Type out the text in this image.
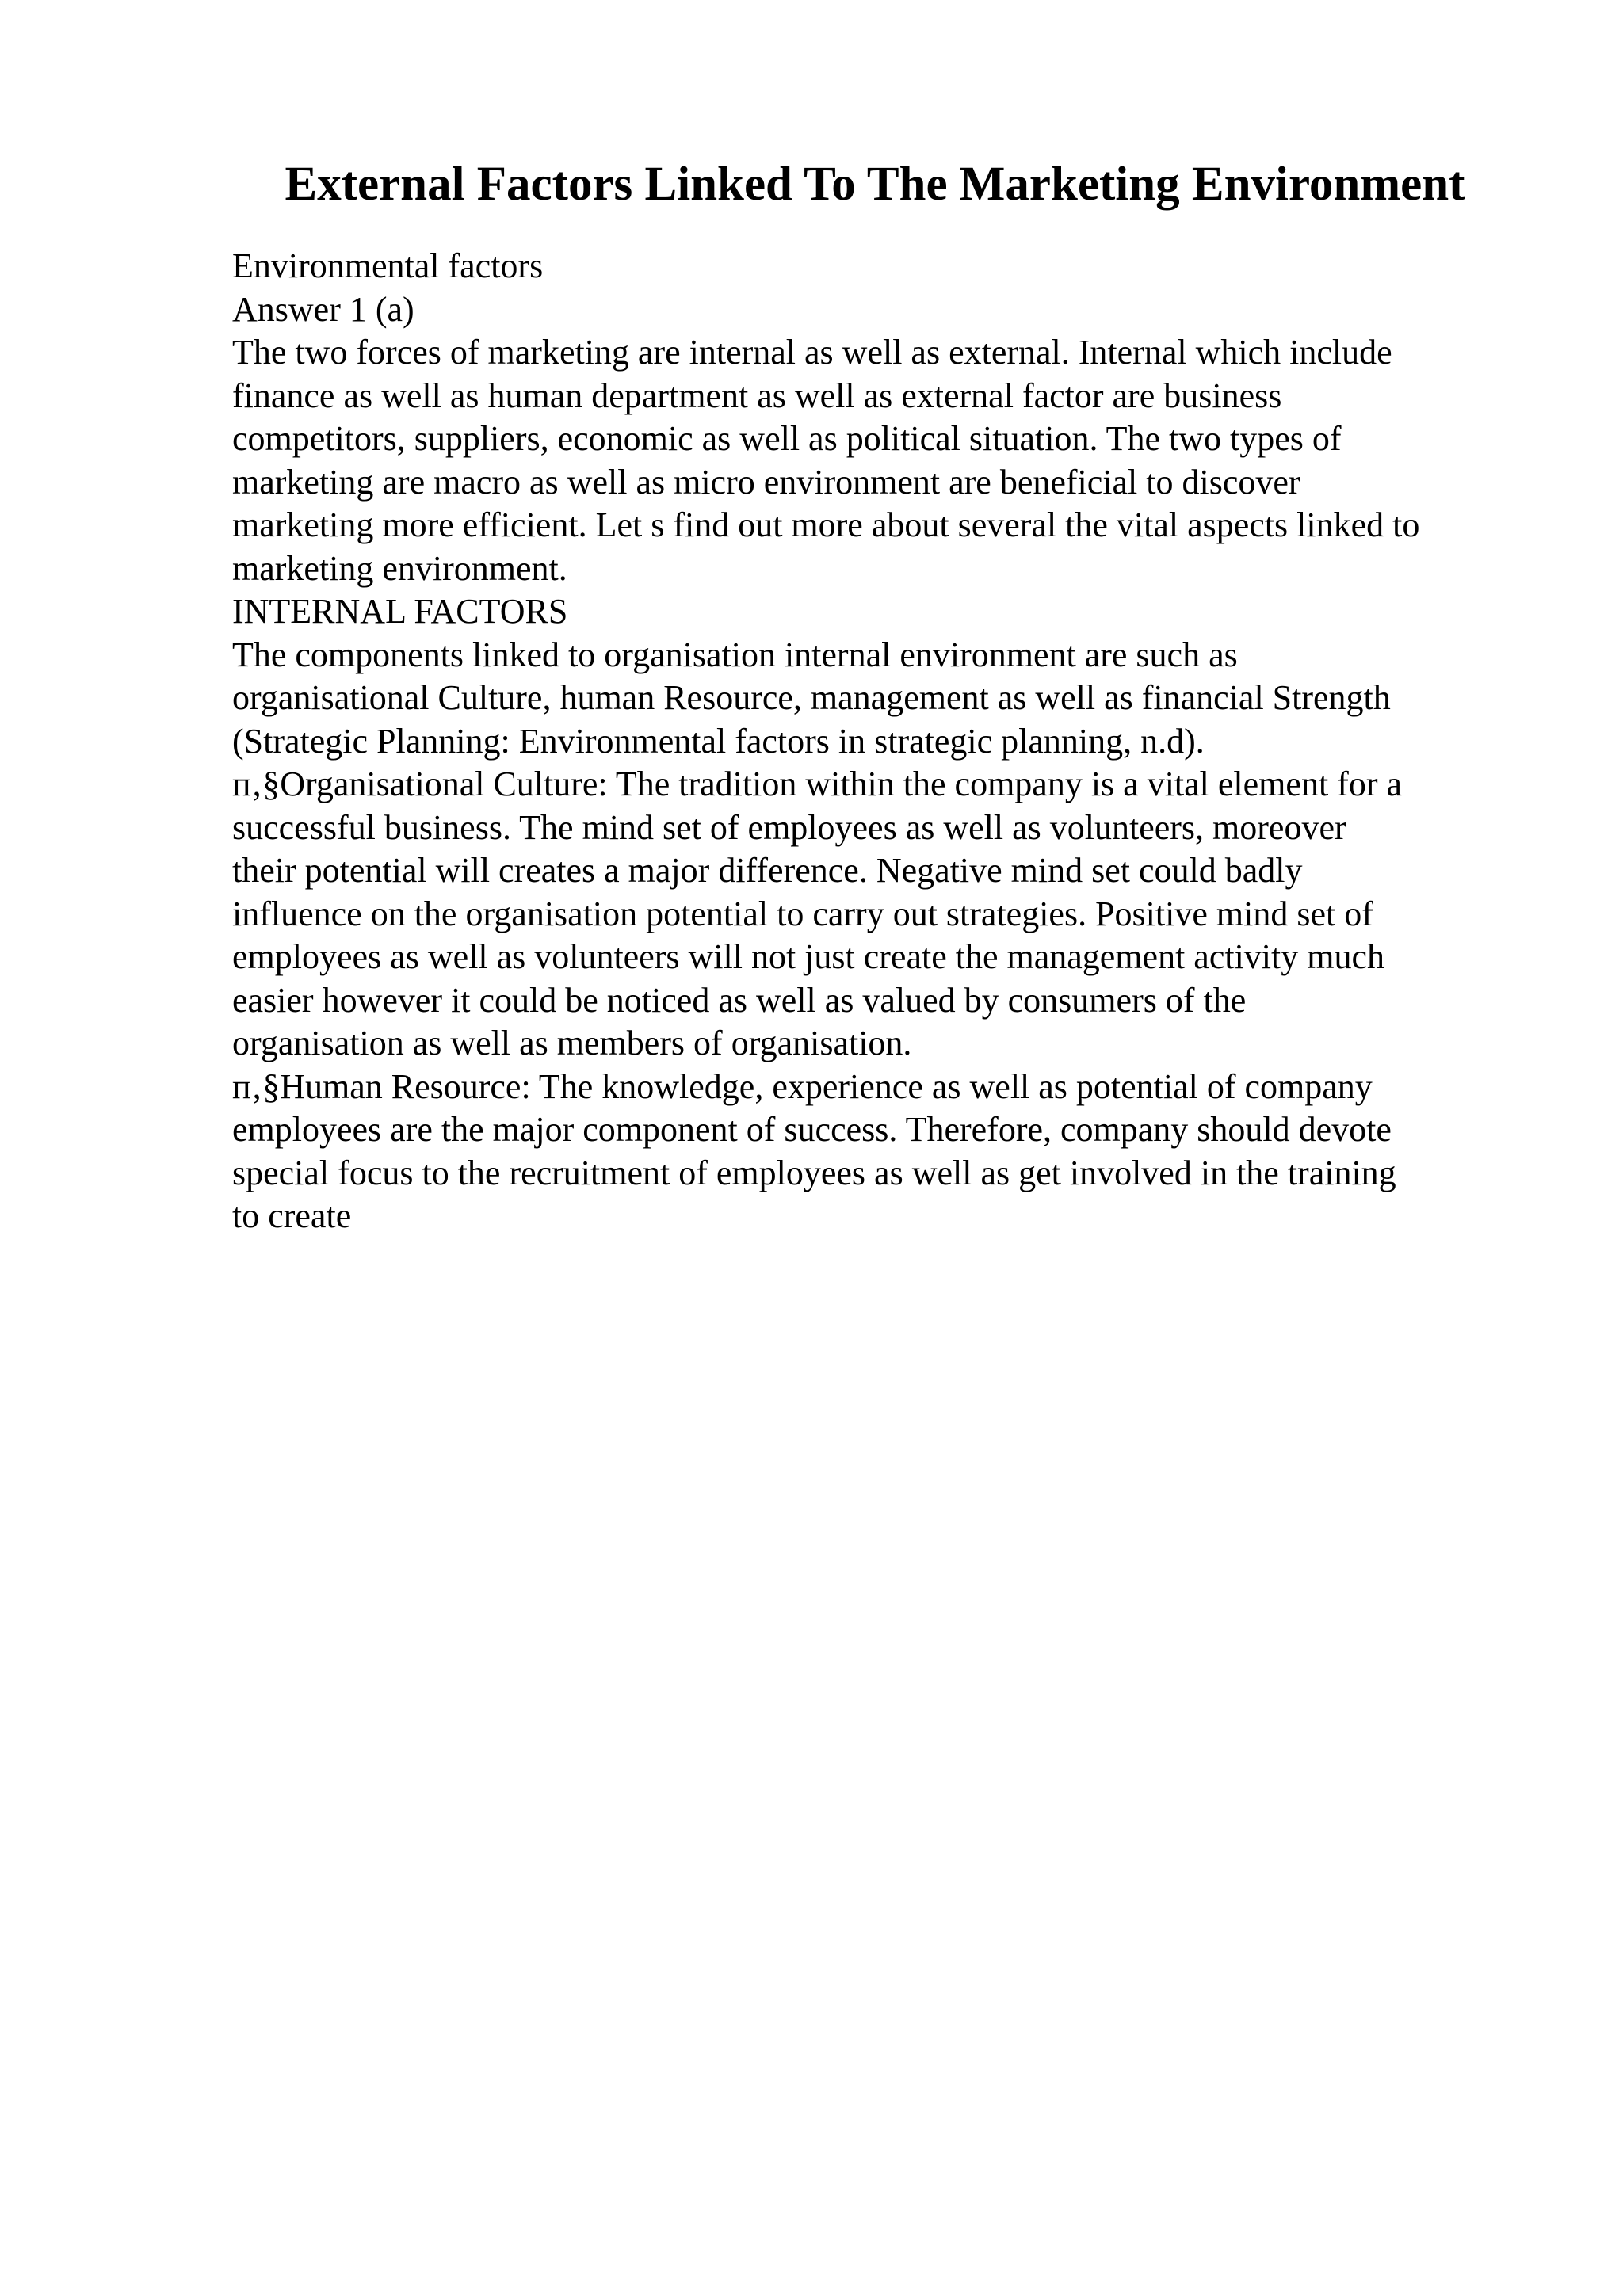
External Factors Linked To The Marketing Environment
Environmental factors
Answer 1 (a)
The two forces of marketing are internal as well as external. Internal which include
finance as well as human department as well as external factor are business
competitors, suppliers, economic as well as political situation. The two types of
marketing are macro as well as micro environment are beneficial to discover
marketing more efficient. Let s find out more about several the vital aspects linked to
marketing environment.
INTERNAL FACTORS
The components linked to organisation internal environment are such as
organisational Culture, human Resource, management as well as financial Strength
(Strategic Planning: Environmental factors in strategic planning, n.d).
п‚§Organisational Culture: The tradition within the company is a vital element for a
successful business. The mind set of employees as well as volunteers, moreover
their potential will creates a major difference. Negative mind set could badly
influence on the organisation potential to carry out strategies. Positive mind set of
employees as well as volunteers will not just create the management activity much
easier however it could be noticed as well as valued by consumers of the
organisation as well as members of organisation.
п‚§Human Resource: The knowledge, experience as well as potential of company
employees are the major component of success. Therefore, company should devote
special focus to the recruitment of employees as well as get involved in the training
to create
